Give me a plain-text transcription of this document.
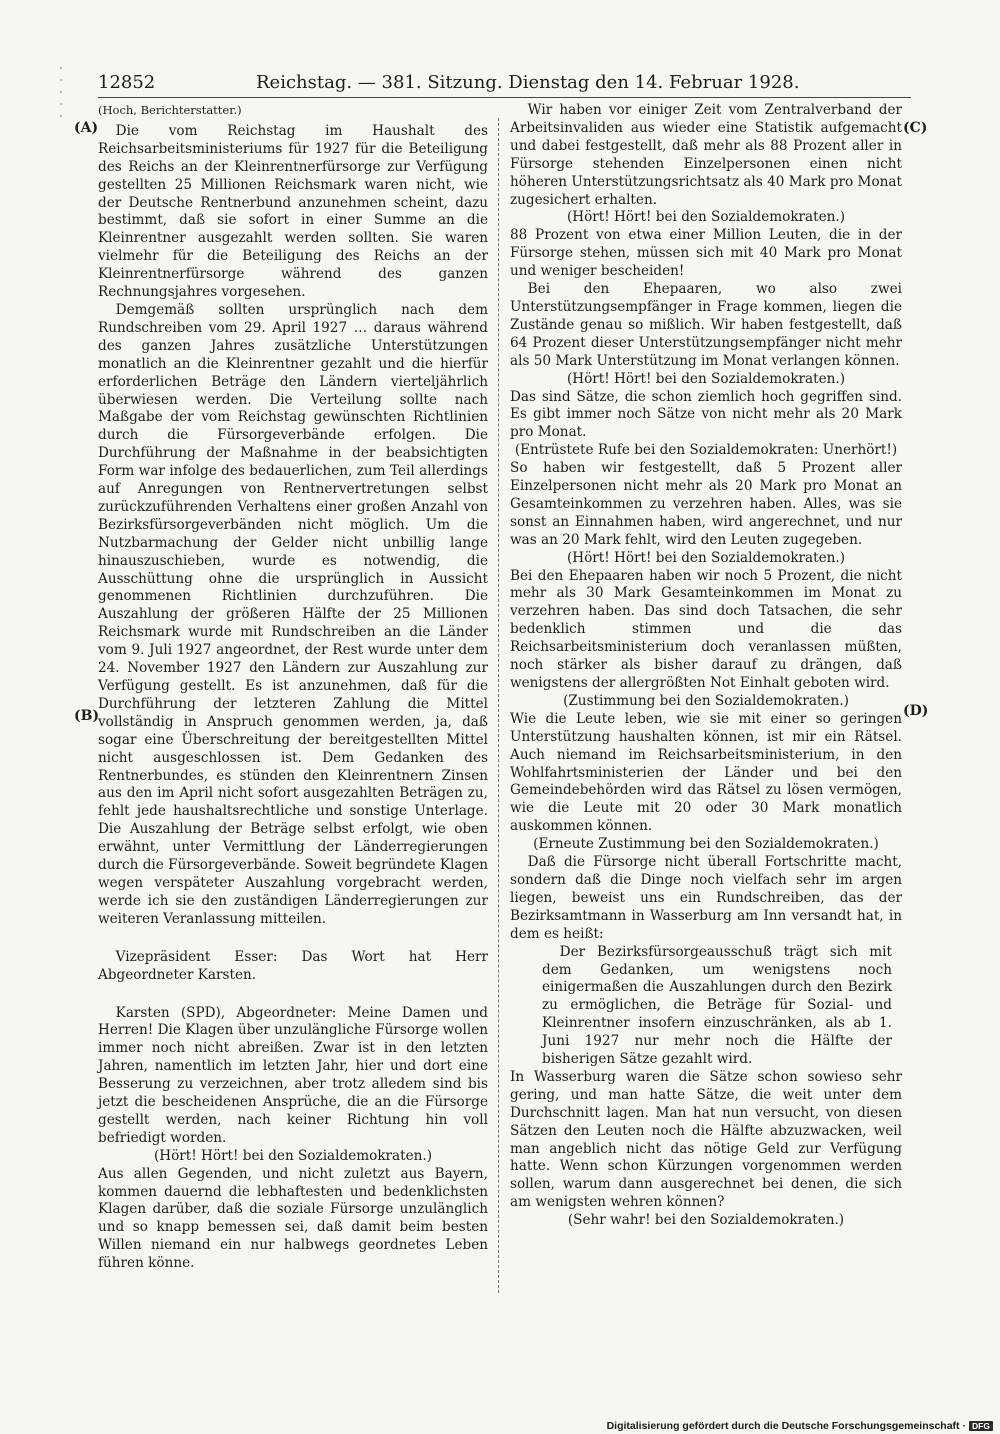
12852	Reichstag. — 381. Sitzung. Dienstag den 14. Februar 1928.
(A)
(B)
(C)
(D)

(Hoch, Berichterstatter.)

Die vom Reichstag im Haushalt des Reichsarbeitsministeriums für 1927 für die Beteiligung des Reichs an der Kleinrentnerfürsorge zur Verfügung gestellten 25 Millionen Reichsmark waren nicht, wie der Deutsche Rentnerbund anzunehmen scheint, dazu bestimmt, daß sie sofort in einer Summe an die Kleinrentner ausgezahlt werden sollten. Sie waren vielmehr für die Beteiligung des Reichs an der Kleinrentnerfürsorge während des ganzen Rechnungsjahres vorgesehen.

Demgemäß sollten ursprünglich nach dem Rundschreiben vom 29. April 1927 … daraus während des ganzen Jahres zusätzliche Unterstützungen monatlich an die Kleinrentner gezahlt und die hierfür erforderlichen Beträge den Ländern vierteljährlich überwiesen werden. Die Verteilung sollte nach Maßgabe der vom Reichstag gewünschten Richtlinien durch die Fürsorgeverbände erfolgen. Die Durchführung der Maßnahme in der beabsichtigten Form war infolge des bedauerlichen, zum Teil allerdings auf Anregungen von Rentnervertretungen selbst zurückzuführenden Verhaltens einer großen Anzahl von Bezirksfürsorgeverbänden nicht möglich. Um die Nutzbarmachung der Gelder nicht unbillig lange hinauszuschieben, wurde es notwendig, die Ausschüttung ohne die ursprünglich in Aussicht genommenen Richtlinien durchzuführen. Die Auszahlung der größeren Hälfte der 25 Millionen Reichsmark wurde mit Rundschreiben an die Länder vom 9. Juli 1927 angeordnet, der Rest wurde unter dem 24. November 1927 den Ländern zur Auszahlung zur Verfügung gestellt. Es ist anzunehmen, daß für die Durchführung der letzteren Zahlung die Mittel vollständig in Anspruch genommen werden, ja, daß sogar eine Überschreitung der bereitgestellten Mittel nicht ausgeschlossen ist. Dem Gedanken des Rentnerbundes, es stünden den Kleinrentnern Zinsen aus den im April nicht sofort ausgezahlten Beträgen zu, fehlt jede haushaltsrechtliche und sonstige Unterlage. Die Auszahlung der Beträge selbst erfolgt, wie oben erwähnt, unter Vermittlung der Länderregierungen durch die Fürsorgeverbände. Soweit begründete Klagen wegen verspäteter Auszahlung vorgebracht werden, werde ich sie den zuständigen Länderregierungen zur weiteren Veranlassung mitteilen.

Vizepräsident Esser: Das Wort hat Herr Abgeordneter Karsten.

Karsten (SPD), Abgeordneter: Meine Damen und Herren! Die Klagen über unzulängliche Fürsorge wollen immer noch nicht abreißen. Zwar ist in den letzten Jahren, namentlich im letzten Jahr, hier und dort eine Besserung zu verzeichnen, aber trotz alledem sind bis jetzt die bescheidenen Ansprüche, die an die Fürsorge gestellt werden, nach keiner Richtung hin voll befriedigt worden.

(Hört! Hört! bei den Sozialdemokraten.)

Aus allen Gegenden, und nicht zuletzt aus Bayern, kommen dauernd die lebhaftesten und bedenklichsten Klagen darüber, daß die soziale Fürsorge unzulänglich und so knapp bemessen sei, daß damit beim besten Willen niemand ein nur halbwegs geordnetes Leben führen könne.

Wir haben vor einiger Zeit vom Zentralverband der Arbeitsinvaliden aus wieder eine Statistik aufgemacht und dabei festgestellt, daß mehr als 88 Prozent aller in Fürsorge stehenden Einzelpersonen einen nicht höheren Unterstützungsrichtsatz als 40 Mark pro Monat zugesichert erhalten.

(Hört! Hört! bei den Sozialdemokraten.)

88 Prozent von etwa einer Million Leuten, die in der Fürsorge stehen, müssen sich mit 40 Mark pro Monat und weniger bescheiden!

Bei den Ehepaaren, wo also zwei Unterstützungsempfänger in Frage kommen, liegen die Zustände genau so mißlich. Wir haben festgestellt, daß 64 Prozent dieser Unterstützungsempfänger nicht mehr als 50 Mark Unterstützung im Monat verlangen können.

(Hört! Hört! bei den Sozialdemokraten.)

Das sind Sätze, die schon ziemlich hoch gegriffen sind. Es gibt immer noch Sätze von nicht mehr als 20 Mark pro Monat.

(Entrüstete Rufe bei den Sozialdemokraten: Unerhört!)

So haben wir festgestellt, daß 5 Prozent aller Einzelpersonen nicht mehr als 20 Mark pro Monat an Gesamteinkommen zu verzehren haben. Alles, was sie sonst an Einnahmen haben, wird angerechnet, und nur was an 20 Mark fehlt, wird den Leuten zugegeben.

(Hört! Hört! bei den Sozialdemokraten.)

Bei den Ehepaaren haben wir noch 5 Prozent, die nicht mehr als 30 Mark Gesamteinkommen im Monat zu verzehren haben. Das sind doch Tatsachen, die sehr bedenklich stimmen und die das Reichsarbeitsministerium doch veranlassen müßten, noch stärker als bisher darauf zu drängen, daß wenigstens der allergrößten Not Einhalt geboten wird.

(Zustimmung bei den Sozialdemokraten.)

Wie die Leute leben, wie sie mit einer so geringen Unterstützung haushalten können, ist mir ein Rätsel. Auch niemand im Reichsarbeitsministerium, in den Wohlfahrtsministerien der Länder und bei den Gemeindebehörden wird das Rätsel zu lösen vermögen, wie die Leute mit 20 oder 30 Mark monatlich auskommen können.

(Erneute Zustimmung bei den Sozialdemokraten.)

Daß die Fürsorge nicht überall Fortschritte macht, sondern daß die Dinge noch vielfach sehr im argen liegen, beweist uns ein Rundschreiben, das der Bezirksamtmann in Wasserburg am Inn versandt hat, in dem es heißt:

Der Bezirksfürsorgeausschuß trägt sich mit dem Gedanken, um wenigstens noch einigermaßen die Auszahlungen durch den Bezirk zu ermöglichen, die Beträge für Sozial- und Kleinrentner insofern einzuschränken, als ab 1. Juni 1927 nur mehr noch die Hälfte der bisherigen Sätze gezahlt wird.

In Wasserburg waren die Sätze schon sowieso sehr gering, und man hatte Sätze, die weit unter dem Durchschnitt lagen. Man hat nun versucht, von diesen Sätzen den Leuten noch die Hälfte abzuzwacken, weil man angeblich nicht das nötige Geld zur Verfügung hatte. Wenn schon Kürzungen vorgenommen werden sollen, warum dann ausgerechnet bei denen, die sich am wenigsten wehren können?

(Sehr wahr! bei den Sozialdemokraten.)

Digitalisierung gefördert durch die Deutsche Forschungsgemeinschaft · DFG
